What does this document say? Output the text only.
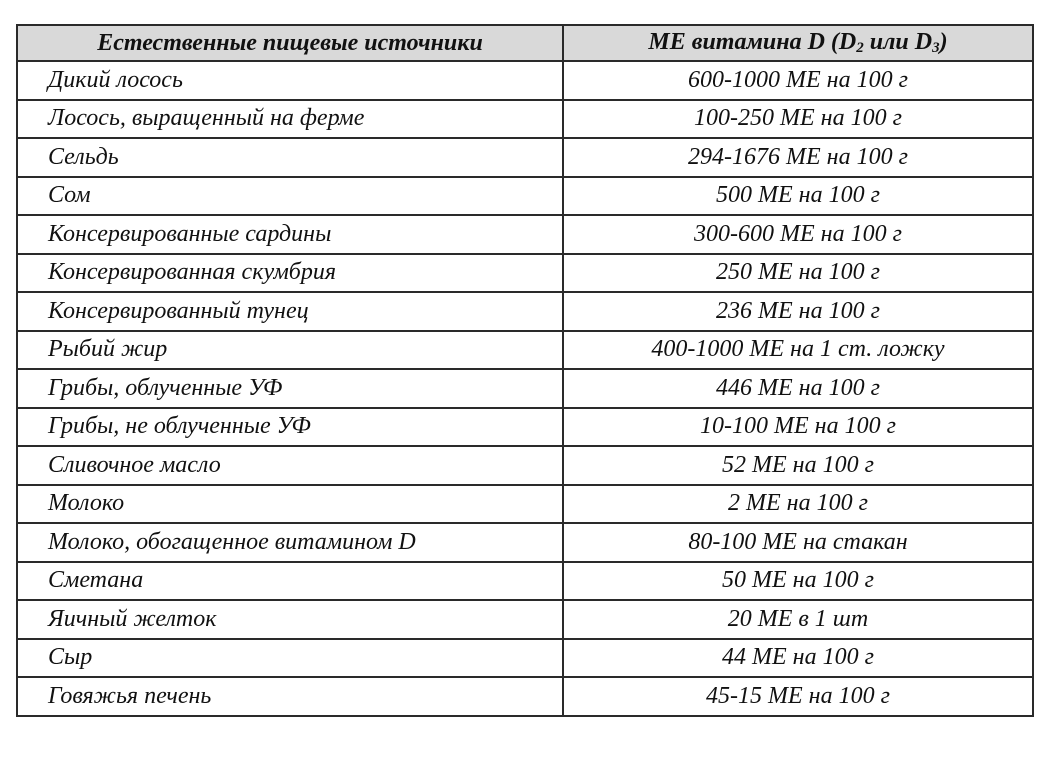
Естественные пищевые источники	МЕ витамина D ($D_2$ или $D_3$)
Дикий лосось	600-1000 МЕ на 100 г
Лосось, выращенный на ферме	100-250 МЕ на 100 г
Сельдь	294-1676 МЕ на 100 г
Сом	500 МЕ на 100 г
Консервированные сардины	300-600 МЕ на 100 г
Консервированная скумбрия	250 МЕ на 100 г
Консервированный тунец	236 МЕ на 100 г
Рыбий жир	400-1000 МЕ на 1 ст. ложку
Грибы, облученные УФ	446 МЕ на 100 г
Грибы, не облученные УФ	10-100 МЕ на 100 г
Сливочное масло	52 МЕ на 100 г
Молоко	2 МЕ на 100 г
Молоко, обогащенное витамином D	80-100 МЕ на стакан
Сметана	50 МЕ на 100 г
Яичный желток	20 МЕ в 1 шт
Сыр	44 МЕ на 100 г
Говяжья печень	45-15 МЕ на 100 г
